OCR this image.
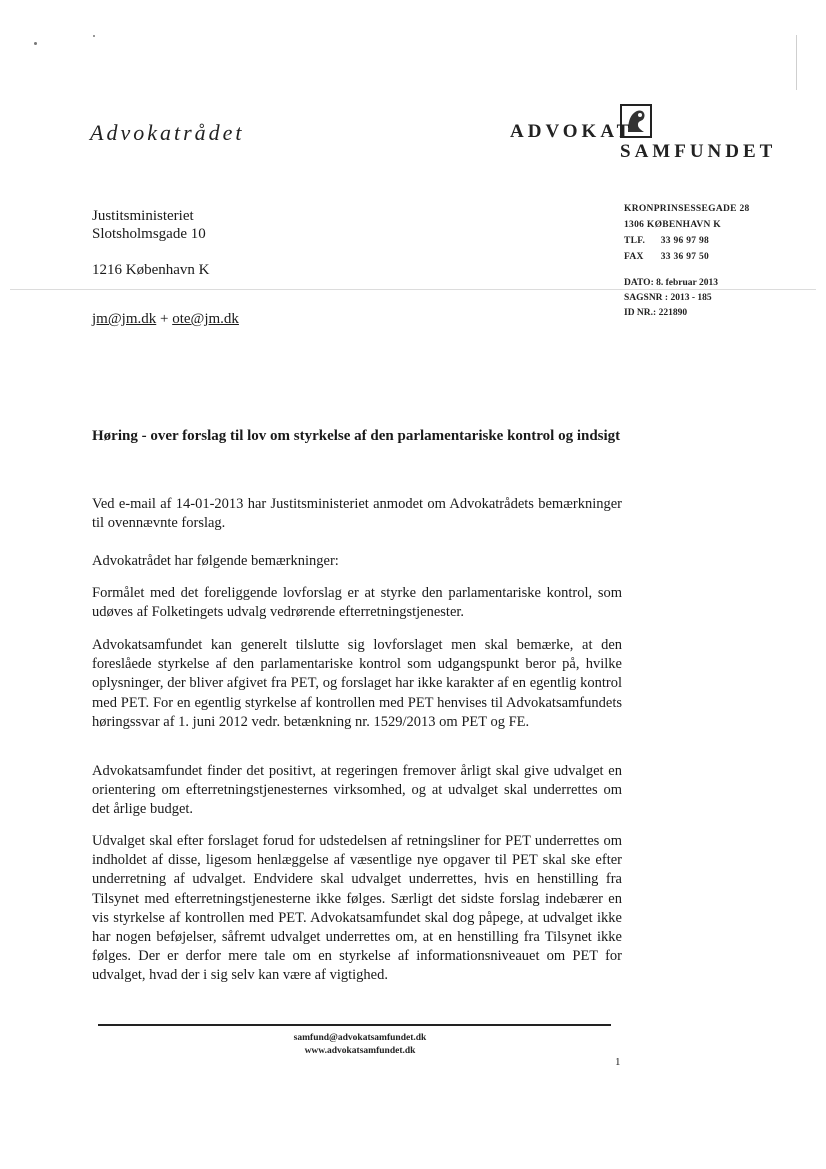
Advokatrådet	ADVOKAT
SAMFUNDET
Justitsministeriet
Slotsholmsgade 10
1216 København K
jm@jm.dk + ote@jm.dk
KRONPRINSESSEGADE 28
1306 KØBENHAVN K
TLF. 33 96 97 98
FAX 33 36 97 50
DATO: 8. februar 2013
SAGSNR : 2013 - 185
ID NR.: 221890
Høring - over forslag til lov om styrkelse af den parlamentariske kontrol og indsigt
Ved e-mail af 14-01-2013 har Justitsministeriet anmodet om Advokatrådets bemærkninger til ovennævnte forslag.
Advokatrådet har følgende bemærkninger:
Formålet med det foreliggende lovforslag er at styrke den parlamentariske kontrol, som udøves af Folketingets udvalg vedrørende efterretningstjenester.
Advokatsamfundet kan generelt tilslutte sig lovforslaget men skal bemærke, at den foreslåede styrkelse af den parlamentariske kontrol som udgangspunkt beror på, hvilke oplysninger, der bliver afgivet fra PET, og forslaget har ikke karakter af en egentlig kontrol med PET. For en egentlig styrkelse af kontrollen med PET henvises til Advokatsamfundets høringssvar af 1. juni 2012 vedr. betænkning nr. 1529/2013 om PET og FE.
Advokatsamfundet finder det positivt, at regeringen fremover årligt skal give udvalget en orientering om efterretningstjenesternes virksomhed, og at udvalget skal underrettes om det årlige budget.
Udvalget skal efter forslaget forud for udstedelsen af retningsliner for PET underrettes om indholdet af disse, ligesom henlæggelse af væsentlige nye opgaver til PET skal ske efter underretning af udvalget. Endvidere skal udvalget underrettes, hvis en henstilling fra Tilsynet med efterretningstjenesterne ikke følges. Særligt det sidste forslag indebærer en vis styrkelse af kontrollen med PET. Advokatsamfundet skal dog påpege, at udvalget ikke har nogen beføjelser, såfremt udvalget underrettes om, at en henstilling fra Tilsynet ikke følges. Der er derfor mere tale om en styrkelse af informationsniveauet om PET for udvalget, hvad der i sig selv kan være af vigtighed.
samfund@advokatsamfundet.dk
www.advokatsamfundet.dk
1
